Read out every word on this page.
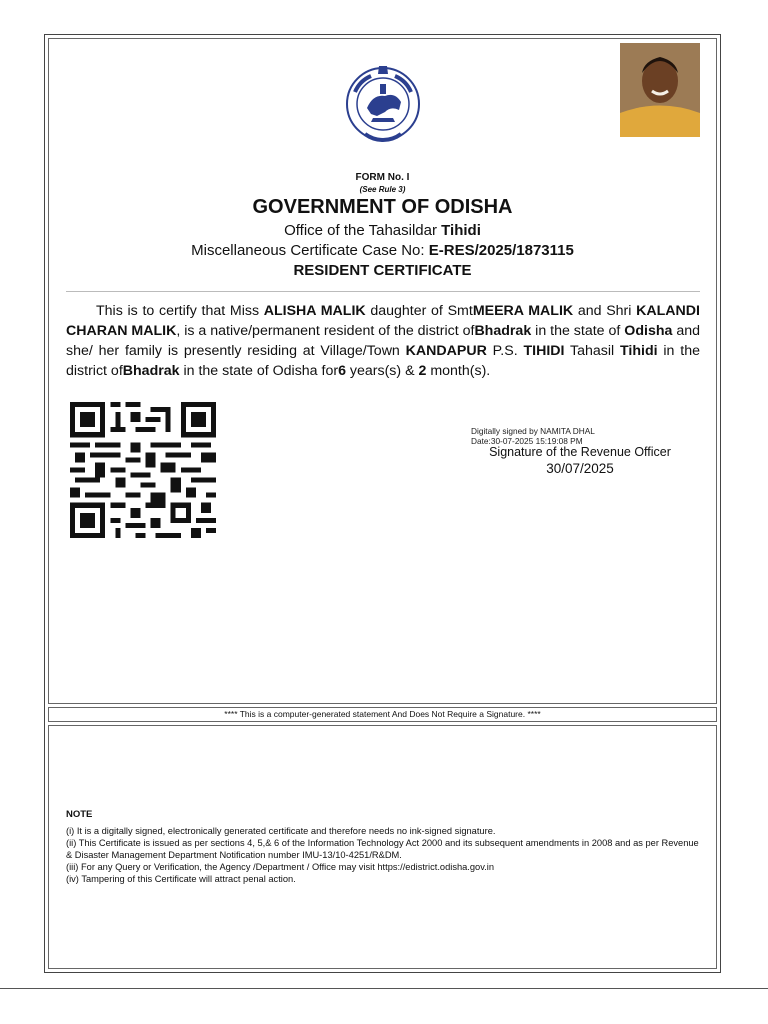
**** This is a computer-generated statement And Does Not Require a Signature. ****
FORM No. I
(See Rule 3)
GOVERNMENT OF ODISHA
Office of the Tahasildar Tihidi
Miscellaneous Certificate Case No: E-RES/2025/1873115
RESIDENT CERTIFICATE
This is to certify that Miss ALISHA MALIK daughter of SmtMEERA MALIK and Shri KALANDI CHARAN MALIK, is a native/permanent resident of the district ofBhadrak in the state of Odisha and she/ her family is presently residing at Village/Town KANDAPUR P.S. TIHIDI Tahasil Tihidi in the district ofBhadrak in the state of Odisha for6 years(s) & 2 month(s).
Digitally signed by NAMITA DHAL
Date:30-07-2025 15:19:08 PM
Signature of the Revenue Officer
30/07/2025
NOTE
(i) It is a digitally signed, electronically generated certificate and therefore needs no ink-signed signature.
(ii) This Certificate is issued as per sections 4, 5,& 6 of the Information Technology Act 2000 and its subsequent amendments in 2008 and as per Revenue & Disaster Management Department Notification number IMU-13/10-4251/R&DM.
(iii) For any Query or Verification, the Agency /Department / Office may visit https://edistrict.odisha.gov.in
(iv) Tampering of this Certificate will attract penal action.
